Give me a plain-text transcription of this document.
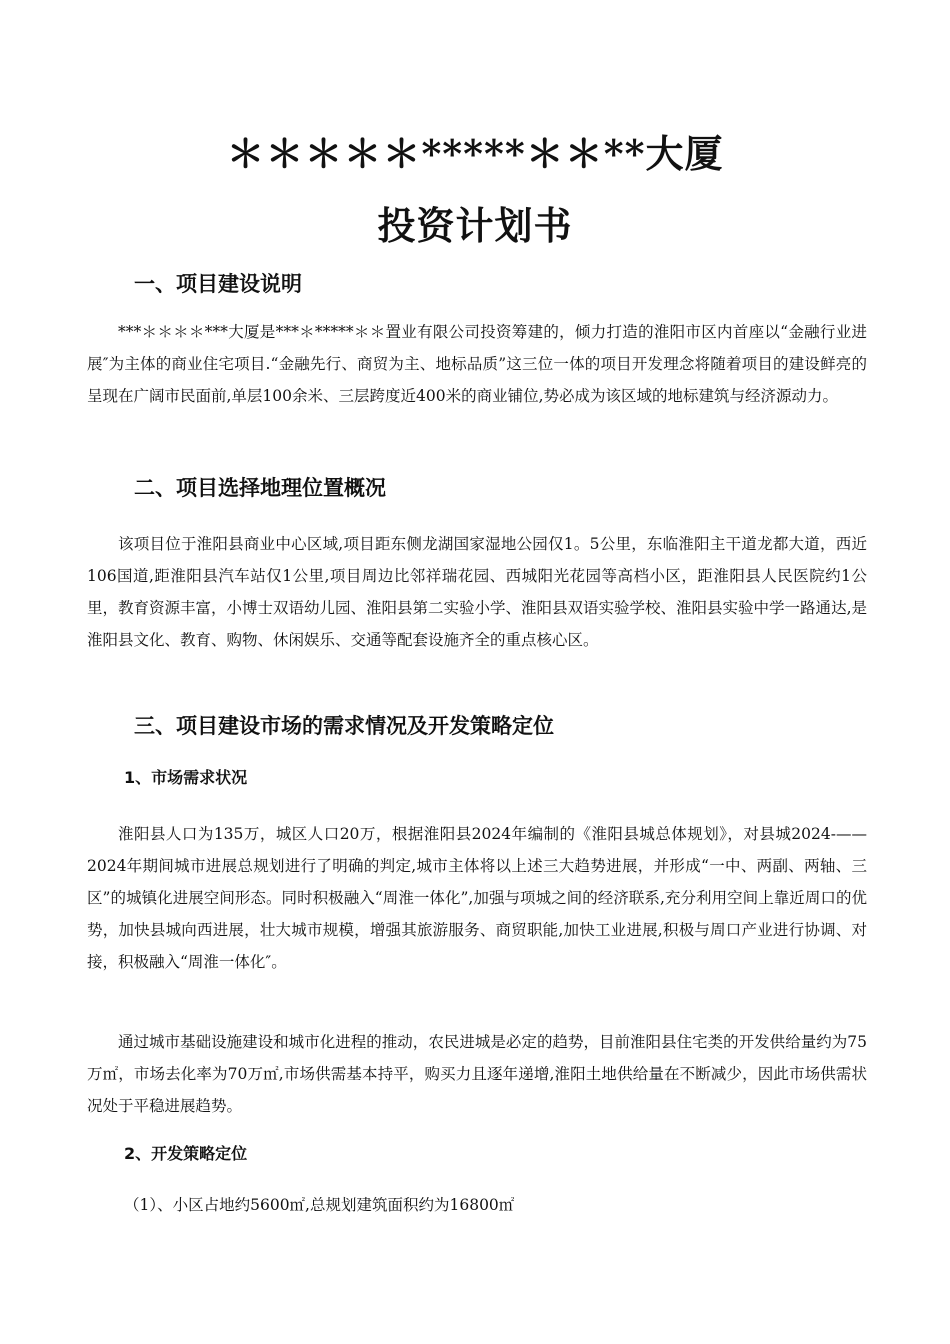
＊＊＊＊＊*****＊＊**大厦
投资计划书
一、项目建设说明

***＊＊＊＊***大厦是***＊*****＊＊置业有限公司投资筹建的，倾力打造的淮阳市区内首座以“金融行业进展″为主体的商业住宅项目.“金融先行、商贸为主、地标品质”这三位一体的项目开发理念将随着项目的建设鲜亮的呈现在广阔市民面前,单层100余米、三层跨度近400米的商业铺位,势必成为该区域的地标建筑与经济源动力。

二、项目选择地理位置概况

该项目位于淮阳县商业中心区域,项目距东侧龙湖国家湿地公园仅1。5公里，东临淮阳主干道龙都大道，西近106国道,距淮阳县汽车站仅1公里,项目周边比邻祥瑞花园、西城阳光花园等高档小区，距淮阳县人民医院约1公里，教育资源丰富，小博士双语幼儿园、淮阳县第二实验小学、淮阳县双语实验学校、淮阳县实验中学一路通达,是淮阳县文化、教育、购物、休闲娱乐、交通等配套设施齐全的重点核心区。

三、项目建设市场的需求情况及开发策略定位
1、市场需求状况

淮阳县人口为135万，城区人口20万，根据淮阳县2024年编制的《淮阳县城总体规划》，对县城2024-——2024年期间城市进展总规划进行了明确的判定,城市主体将以上述三大趋势进展，并形成“一中、两副、两轴、三区”的城镇化进展空间形态。同时积极融入“周淮一体化”,加强与项城之间的经济联系,充分利用空间上靠近周口的优势，加快县城向西进展，壮大城市规模，增强其旅游服务、商贸职能,加快工业进展,积极与周口产业进行协调、对接，积极融入“周淮一体化″。

通过城市基础设施建设和城市化进程的推动，农民进城是必定的趋势，目前淮阳县住宅类的开发供给量约为75万㎡，市场去化率为70万㎡,市场供需基本持平，购买力且逐年递增,淮阳土地供给量在不断减少，因此市场供需状况处于平稳进展趋势。

2、开发策略定位

（1）、小区占地约5600㎡,总规划建筑面积约为16800㎡
